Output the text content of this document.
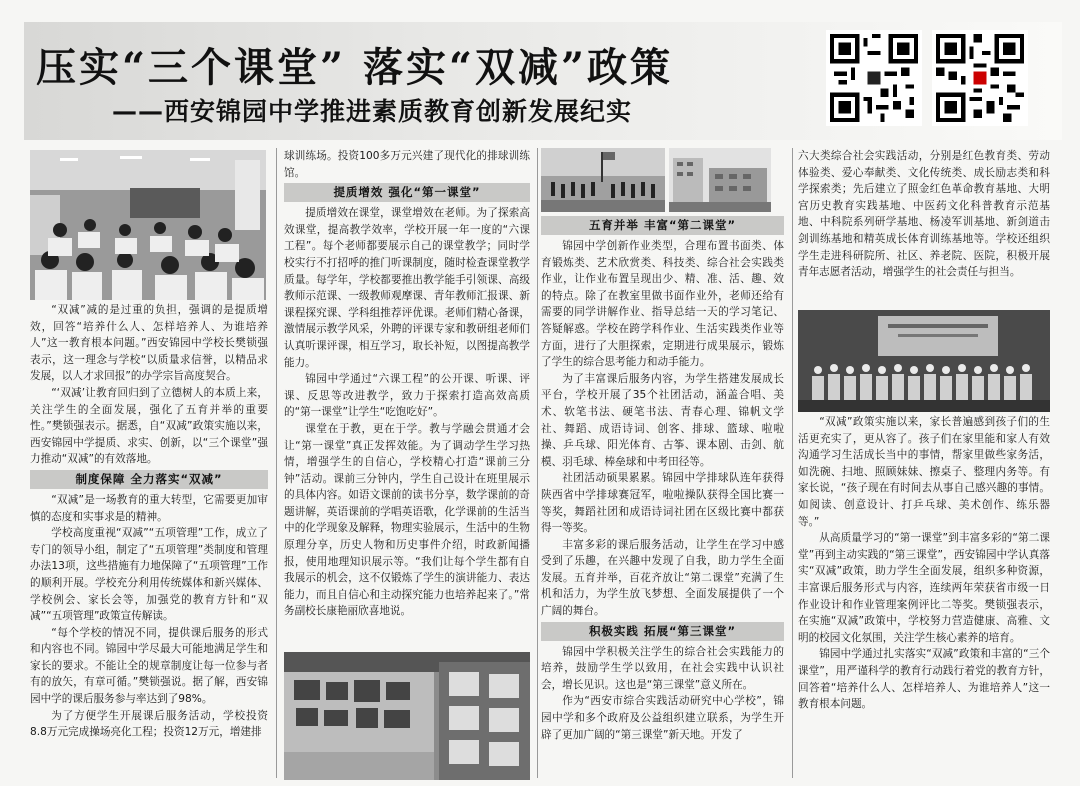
压实“三个课堂” 落实“双减”政策
——西安锦园中学推进素质教育创新发展纪实

“双减”减的是过重的负担，强调的是提质增效，回答“培养什么人、怎样培养人、为谁培养人”这一教育根本问题。”西安锦园中学校长樊锁强表示，这一理念与学校“以质量求信誉，以精品求发展，以人才求回报”的办学宗旨高度契合。

“‘双减’让教育回归到了立德树人的本质上来，关注学生的全面发展，强化了五育并举的重要性。”樊锁强表示。据悉，自“双减”政策实施以来，西安锦园中学提质、求实、创新，以“三个课堂”强力推动“双减”的有效落地。

制度保障 全力落实“双减”

“双减”是一场教育的重大转型，它需要更加审慎的态度和实事求是的精神。

学校高度重视“双减”“五项管理”工作，成立了专门的领导小组，制定了“五项管理”类制度和管理办法13项，这些措施有力地保障了“五项管理”工作的顺利开展。学校充分利用传统媒体和新兴媒体、学校例会、家长会等，加强党的教育方针和“双减”“五项管理”政策宣传解读。

“每个学校的情况不同，提供课后服务的形式和内容也不同。锦园中学尽最大可能地满足学生和家长的要求。不能让全的规章制度让每一位参与者有的放矢，有章可循。”樊锁强说。据了解，西安锦园中学的课后服务参与率达到了98%。

为了方便学生开展课后服务活动，学校投资8.8万元完成操场亮化工程；投资12万元，增建排

球训练场。投资100多万元兴建了现代化的排球训练馆。

提质增效 强化“第一课堂”

提质增效在课堂，课堂增效在老师。为了探索高效课堂，提高教学效率，学校开展一年一度的“六课工程”。每个老师都要展示自己的课堂教学；同时学校实行不打招呼的推门听课制度，随时检查课堂教学质量。每学年，学校都要推出教学能手引领课、高级教师示范课、一级教师观摩课、青年教师汇报课、新课程探究课、学科组推荐评优课。老师们精心备课，激情展示教学风采，外聘的评课专家和教研组老师们认真听课评课，相互学习，取长补短，以图提高教学能力。

锦园中学通过“六课工程”的公开课、听课、评课、反思等改进教学，致力于探索打造高效高质的“第一课堂”让学生“吃饱吃好”。

课堂在于教，更在于学。教与学融会贯通才会让“第一课堂”真正发挥效能。为了调动学生学习热情，增强学生的自信心，学校精心打造“课前三分钟”活动。课前三分钟内，学生自己设计在班里展示的具体内容。如语文课前的读书分享，数学课前的奇题讲解，英语课前的学唱英语歌，化学课前的生活当中的化学现象及解释，物理实验展示，生活中的生物原理分享，历史人物和历史事件介绍，时政新闻播报，使用地理知识展示等。“我们让每个学生都有自我展示的机会，这不仅锻炼了学生的演讲能力、表达能力，而且自信心和主动探究能力也培养起来了。”常务副校长康艳丽欣喜地说。

五育并举 丰富“第二课堂”

锦园中学创新作业类型，合理布置书面类、体育锻炼类、艺术欣赏类、科技类、综合社会实践类作业，让作业布置呈现出少、精、准、活、趣、效的特点。除了在教室里做书面作业外，老师还给有需要的同学讲解作业、指导总结一天的学习笔记、答疑解惑。学校在跨学科作业、生活实践类作业等方面，进行了大胆探索，定期进行成果展示，锻炼了学生的综合思考能力和动手能力。

为了丰富课后服务内容，为学生搭建发展成长平台，学校开展了35个社团活动，涵盖合唱、美术、软笔书法、硬笔书法、青春心理、锦帆文学社、舞蹈、成语诗词、创客、排球、篮球、啦啦操、乒乓球、阳光体育、古筝、课本剧、击剑、航模、羽毛球、棒垒球和中考田径等。

社团活动硕果累累。锦园中学排球队连年获得陕西省中学排球赛冠军，啦啦操队获得全国比赛一等奖，舞蹈社团和成语诗词社团在区级比赛中都获得一等奖。

丰富多彩的课后服务活动，让学生在学习中感受到了乐趣，在兴趣中发现了自我，助力学生全面发展。五育并举，百花齐放让“第二课堂”充满了生机和活力，为学生放飞梦想、全面发展提供了一个广阔的舞台。

积极实践 拓展“第三课堂”

锦园中学积极关注学生的综合社会实践能力的培养，鼓励学生学以致用，在社会实践中认识社会，增长见识。这也是“第三课堂”意义所在。

作为“西安市综合实践活动研究中心学校”，锦园中学和多个政府及公益组织建立联系，为学生开辟了更加广阔的“第三课堂”新天地。开发了

六大类综合社会实践活动，分别是红色教育类、劳动体验类、爱心奉献类、文化传统类、成长励志类和科学探索类；先后建立了照金红色革命教育基地、大明宫历史教育实践基地、中医药文化科普教育示范基地、中科院系列研学基地、杨凌军训基地、新剑道击剑训练基地和精英成长体育训练基地等。学校还组织学生走进科研院所、社区、养老院、医院，积极开展青年志愿者活动，增强学生的社会责任与担当。

“双减”政策实施以来，家长普遍感到孩子们的生活更充实了，更从容了。孩子们在家里能和家人有效沟通学习生活成长当中的事情，帮家里做些家务活，如洗碗、扫地、照顾妹妹、擦桌子、整理内务等。有家长说，“孩子现在有时间去从事自己感兴趣的事情。如阅读、创意设计、打乒乓球、美术创作、练乐器等。”

从高质量学习的“第一课堂”到丰富多彩的“第二课堂”再到主动实践的“第三课堂”，西安锦园中学认真落实“双减”政策，助力学生全面发展，组织多种资源，丰富课后服务形式与内容，连续两年荣获省市级一日作业设计和作业管理案例评比二等奖。樊锁强表示，在实施“双减”政策中，学校努力营造健康、高雅、文明的校园文化氛围，关注学生核心素养的培育。

锦园中学通过扎实落实“双减”政策和丰富的“三个课堂”，用严谨科学的教育行动践行着党的教育方针，回答着“培养什么人、怎样培养人、为谁培养人”这一教育根本问题。
